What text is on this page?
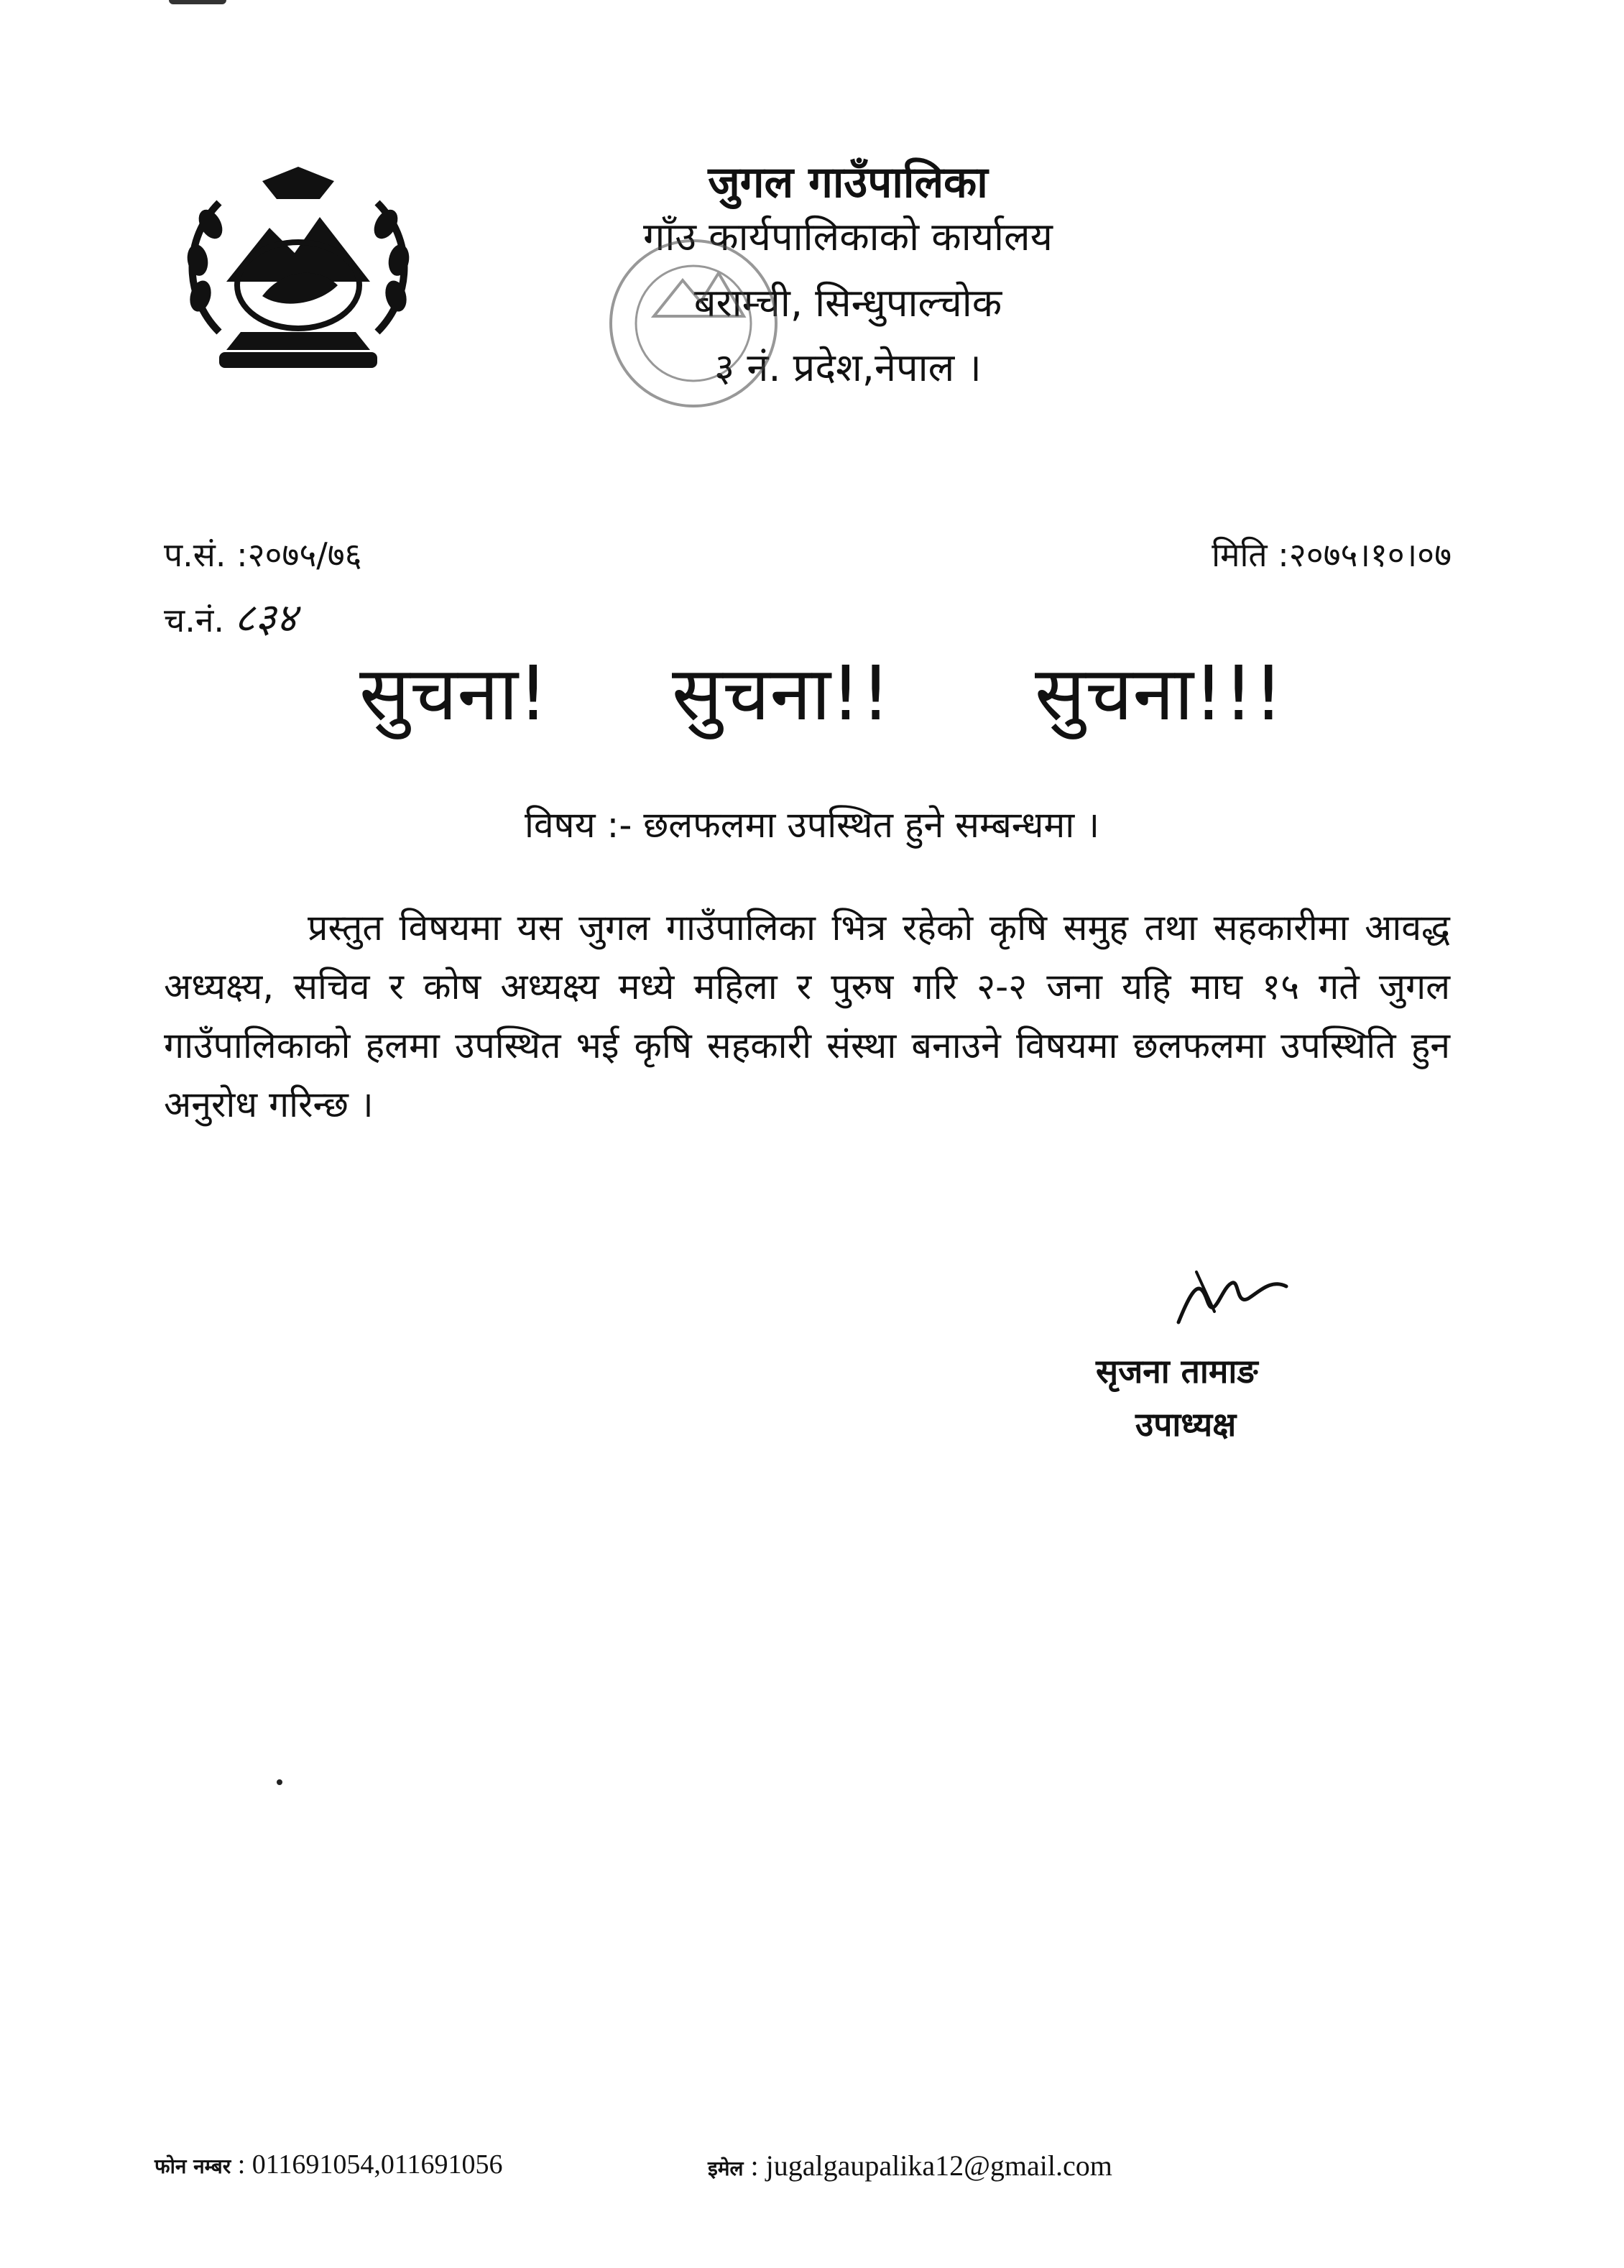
जुगल गाउँपालिका
गाँउ कार्यपालिकाको कार्यालय
बराम्ची, सिन्धुपाल्चोक
३ नं. प्रदेश,नेपाल ।
प.सं. :२०७५/७६
च.नं. ८३४
मिति :२०७५।१०।०७
सुचना! सुचना!! सुचना!!!
विषय :- छलफलमा उपस्थित हुने सम्बन्धमा ।
प्रस्तुत विषयमा यस जुगल गाउँपालिका भित्र रहेको कृषि समुह तथा सहकारीमा आवद्ध अध्यक्ष्य, सचिव र कोष अध्यक्ष्य मध्ये महिला र पुरुष गरि २-२ जना यहि माघ १५ गते जुगल गाउँपालिकाको हलमा उपस्थित भई कृषि सहकारी संस्था बनाउने विषयमा छलफलमा उपस्थिति हुन अनुरोध गरिन्छ ।
सृजना तामाङ
उपाध्यक्ष
फोन नम्बर : 011691054,011691056	इमेल : jugalgaupalika12@gmail.com
